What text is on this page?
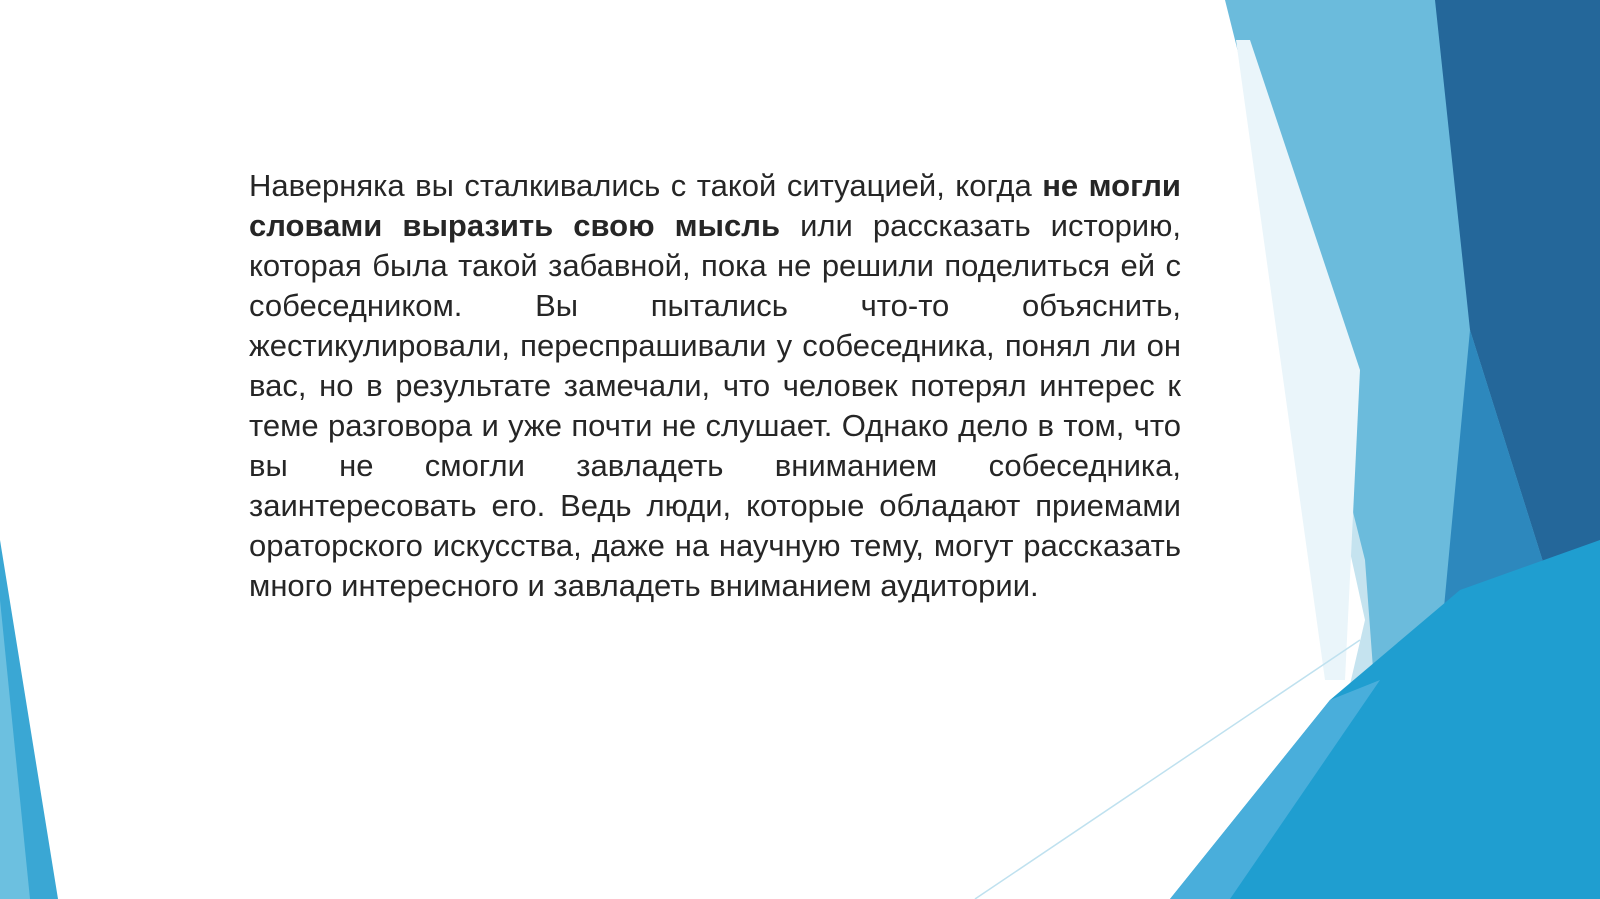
Наверняка вы сталкивались с такой ситуацией, когда не могли словами выразить свою мысль или рассказать историю, которая была такой забавной, пока не решили поделиться ей с собеседником. Вы пытались что-то объяснить, жестикулировали, переспрашивали у собеседника, понял ли он вас, но в результате замечали, что человек потерял интерес к теме разговора и уже почти не слушает. Однако дело в том, что вы не смогли завладеть вниманием собеседника, заинтересовать его. Ведь люди, которые обладают приемами ораторского искусства, даже на научную тему, могут рассказать много интересного и завладеть вниманием аудитории.
